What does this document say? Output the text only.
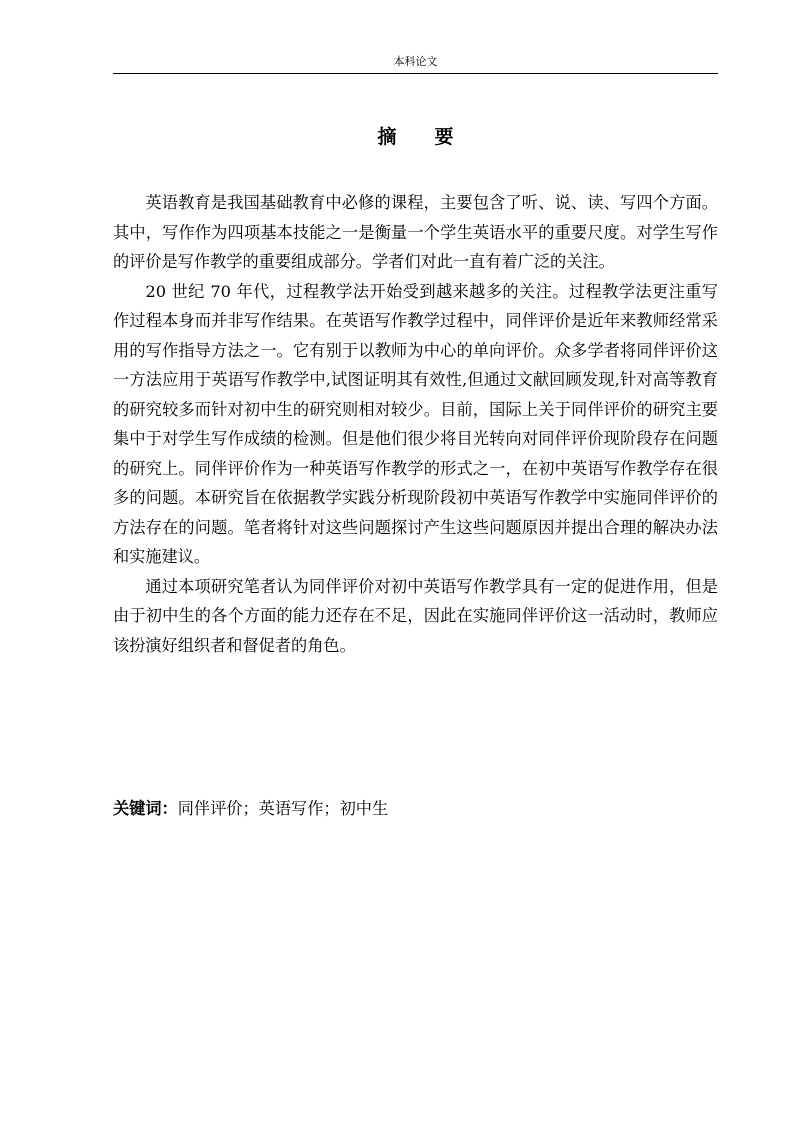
本科论文
摘 要

英语教育是我国基础教育中必修的课程，主要包含了听、说、读、写四个方面。其中，写作作为四项基本技能之一是衡量一个学生英语水平的重要尺度。对学生写作的评价是写作教学的重要组成部分。学者们对此一直有着广泛的关注。

20 世纪 70 年代，过程教学法开始受到越来越多的关注。过程教学法更注重写作过程本身而并非写作结果。在英语写作教学过程中，同伴评价是近年来教师经常采用的写作指导方法之一。它有别于以教师为中心的单向评价。众多学者将同伴评价这一方法应用于英语写作教学中,试图证明其有效性,但通过文献回顾发现,针对高等教育的研究较多而针对初中生的研究则相对较少。目前，国际上关于同伴评价的研究主要集中于对学生写作成绩的检测。但是他们很少将目光转向对同伴评价现阶段存在问题的研究上。同伴评价作为一种英语写作教学的形式之一，在初中英语写作教学存在很多的问题。本研究旨在依据教学实践分析现阶段初中英语写作教学中实施同伴评价的方法存在的问题。笔者将针对这些问题探讨产生这些问题原因并提出合理的解决办法和实施建议。

通过本项研究笔者认为同伴评价对初中英语写作教学具有一定的促进作用，但是由于初中生的各个方面的能力还存在不足，因此在实施同伴评价这一活动时，教师应该扮演好组织者和督促者的角色。

关键词：同伴评价；英语写作；初中生
